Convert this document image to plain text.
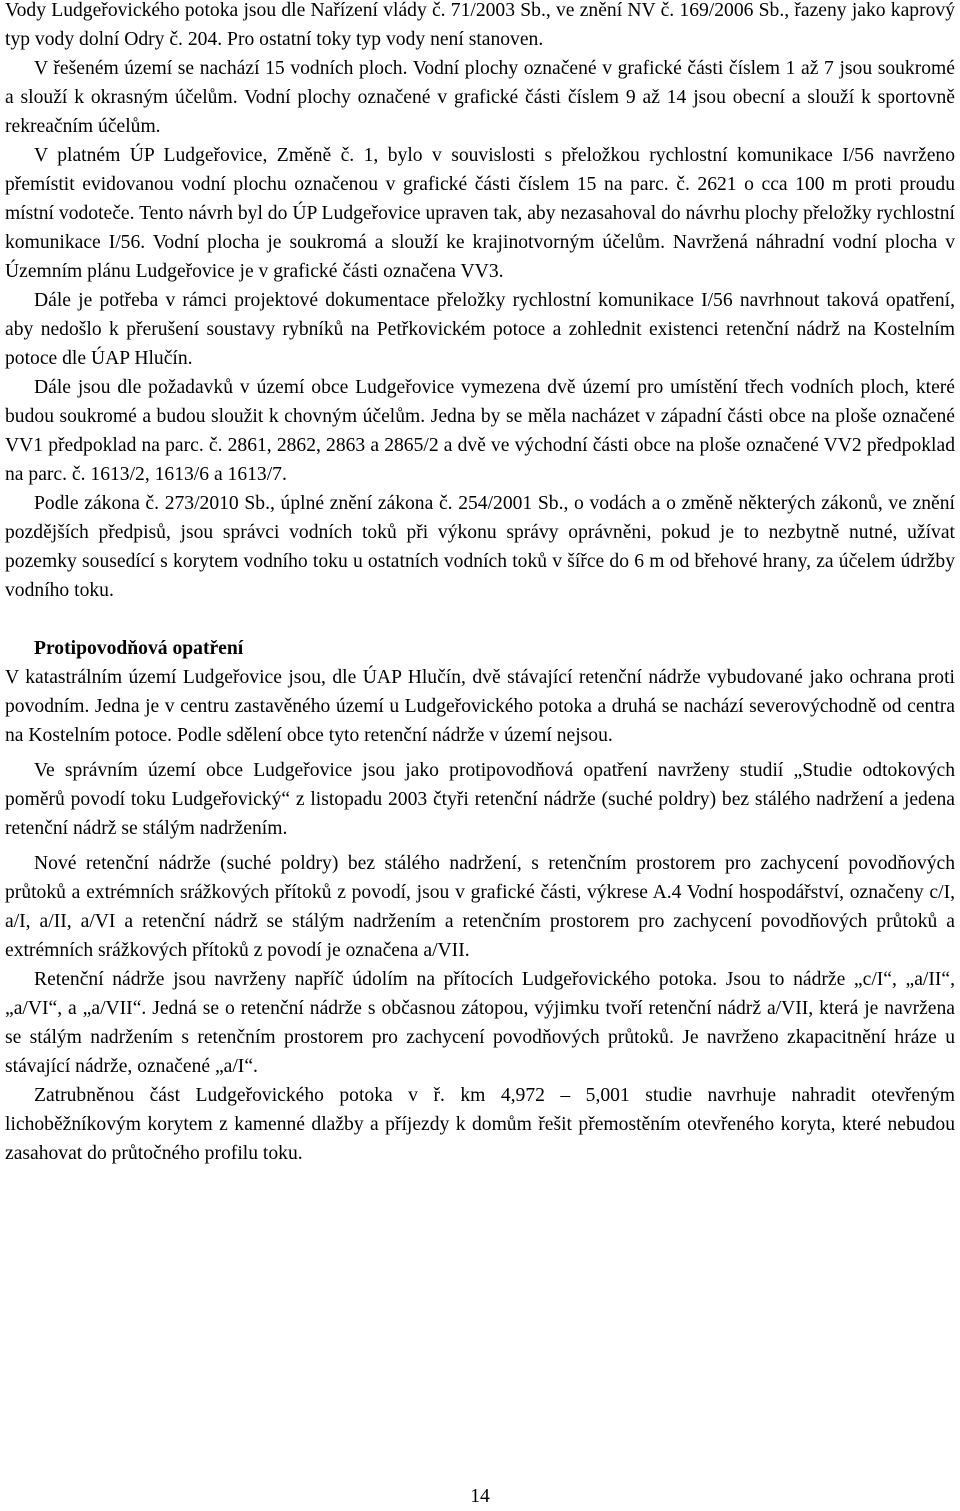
Vody Ludgeřovického potoka jsou dle Nařízení vlády č. 71/2003 Sb., ve znění NV č. 169/2006 Sb., řazeny jako kaprový typ vody dolní Odry č. 204. Pro ostatní toky typ vody není stanoven.

V řešeném území se nachází 15 vodních ploch. Vodní plochy označené v grafické části číslem 1 až 7 jsou soukromé a slouží k okrasným účelům. Vodní plochy označené v grafické části číslem 9 až 14 jsou obecní a slouží k sportovně rekreačním účelům.

V platném ÚP Ludgeřovice, Změně č. 1, bylo v souvislosti s přeložkou rychlostní komunikace I/56 navrženo přemístit evidovanou vodní plochu označenou v grafické části číslem 15 na parc. č. 2621 o cca 100 m proti proudu místní vodoteče. Tento návrh byl do ÚP Ludgeřovice upraven tak, aby nezasahoval do návrhu plochy přeložky rychlostní komunikace I/56. Vodní plocha je soukromá a slouží ke krajinotvorným účelům. Navržená náhradní vodní plocha v Územním plánu Ludgeřovice je v grafické části označena VV3.

Dále je potřeba v rámci projektové dokumentace přeložky rychlostní komunikace I/56 navrhnout taková opatření, aby nedošlo k přerušení soustavy rybníků na Petřkovickém potoce a zohlednit existenci retenční nádrž na Kostelním potoce dle ÚAP Hlučín.

Dále jsou dle požadavků v území obce Ludgeřovice vymezena dvě území pro umístění třech vodních ploch, které budou soukromé a budou sloužit k chovným účelům. Jedna by se měla nacházet v západní části obce na ploše označené VV1 předpoklad na parc. č. 2861, 2862, 2863 a 2865/2 a dvě ve východní části obce na ploše označené VV2 předpoklad na parc. č. 1613/2, 1613/6 a 1613/7.

Podle zákona č. 273/2010 Sb., úplné znění zákona č. 254/2001 Sb., o vodách a o změně některých zákonů, ve znění pozdějších předpisů, jsou správci vodních toků při výkonu správy oprávněni, pokud je to nezbytně nutné, užívat pozemky sousedící s korytem vodního toku u ostatních vodních toků v šířce do 6 m od břehové hrany, za účelem údržby vodního toku.

Protipovodňová opatření

V katastrálním území Ludgeřovice jsou, dle ÚAP Hlučín, dvě stávající retenční nádrže vybudované jako ochrana proti povodním. Jedna je v centru zastavěného území u Ludgeřovického potoka a druhá se nachází severovýchodně od centra na Kostelním potoce. Podle sdělení obce tyto retenční nádrže v území nejsou.

Ve správním území obce Ludgeřovice jsou jako protipovodňová opatření navrženy studií „Studie odtokových poměrů povodí toku Ludgeřovický“ z listopadu 2003 čtyři retenční nádrže (suché poldry) bez stálého nadržení a jedena retenční nádrž se stálým nadržením.

Nové retenční nádrže (suché poldry) bez stálého nadržení, s retenčním prostorem pro zachycení povodňových průtoků a extrémních srážkových přítoků z povodí, jsou v grafické části, výkrese A.4 Vodní hospodářství, označeny c/I, a/I, a/II, a/VI a retenční nádrž se stálým nadržením a retenčním prostorem pro zachycení povodňových průtoků a extrémních srážkových přítoků z povodí je označena a/VII.

Retenční nádrže jsou navrženy napříč údolím na přítocích Ludgeřovického potoka. Jsou to nádrže „c/I“, „a/II“, „a/VI“, a „a/VII“. Jedná se o retenční nádrže s občasnou zátopou, výjimku tvoří retenční nádrž a/VII, která je navržena se stálým nadržením s retenčním prostorem pro zachycení povodňových průtoků. Je navrženo zkapacitnění hráze u stávající nádrže, označené „a/I“.

Zatrubněnou část Ludgeřovického potoka v ř. km 4,972 – 5,001 studie navrhuje nahradit otevřeným lichoběžníkovým korytem z kamenné dlažby a příjezdy k domům řešit přemostěním otevřeného koryta, které nebudou zasahovat do průtočného profilu toku.

14
